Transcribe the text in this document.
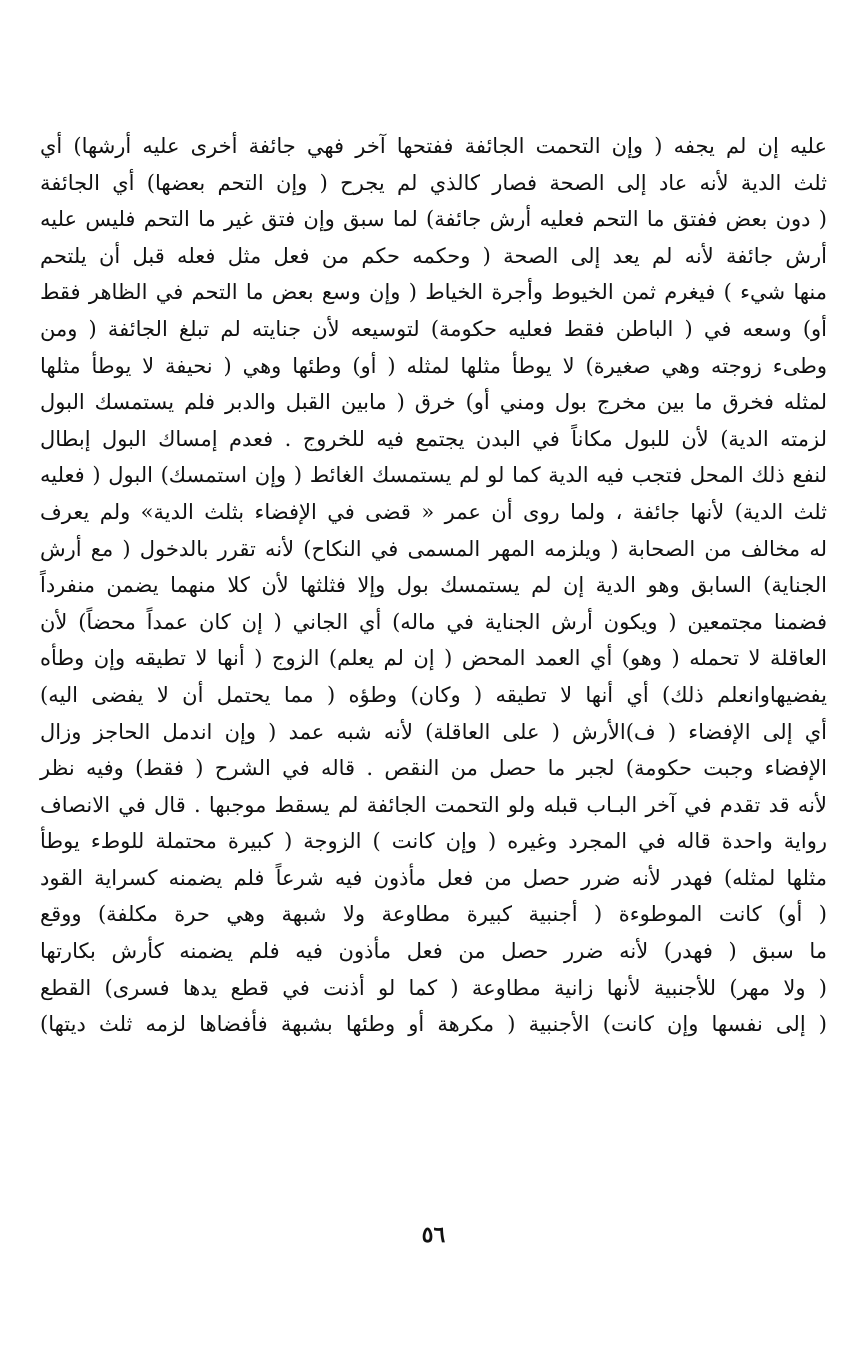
عليه إن لم يجفه ( وإن التحمت الجائفة ففتحها آخر فهي جائفة أخرى عليه أرشها) أي
ثلث الدية لأنه عاد إلى الصحة فصار كالذي لم يجرح ( وإن التحم بعضها) أي الجائفة
( دون بعض ففتق ما التحم فعليه أرش جائفة) لما سبق وإن فتق غير ما التحم فليس عليه
أرش جائفة لأنه لم يعد إلى الصحة ( وحكمه حكم من فعل مثل فعله قبل أن يلتحم
منها شيء ) فيغرم ثمن الخيوط وأجرة الخياط ( وإن وسع بعض ما التحم في الظاهر فقط
أو) وسعه في ( الباطن فقط فعليه حكومة) لتوسيعه لأن جنايته لم تبلغ الجائفة ( ومن
وطىء زوجته وهي صغيرة) لا يوطأ مثلها لمثله ( أو) وطئها وهي ( نحيفة لا يوطأ مثلها
لمثله فخرق ما بين مخرج بول ومني أو) خرق ( مابين القبل والدبر فلم يستمسك البول
لزمته الدية) لأن للبول مكاناً في البدن يجتمع فيه للخروج . فعدم إمساك البول إبطال
لنفع ذلك المحل فتجب فيه الدية كما لو لم يستمسك الغائط ( وإن استمسك) البول ( فعليه
ثلث الدية) لأنها جائفة ، ولما روى أن عمر « قضى في الإفضاء بثلث الدية» ولم يعرف
له مخالف من الصحابة ( ويلزمه المهر المسمى في النكاح) لأنه تقرر بالدخول ( مع أرش
الجناية) السابق وهو الدية إن لم يستمسك بول وإلا فثلثها لأن كلا منهما يضمن منفرداً
فضمنا مجتمعين ( ويكون أرش الجناية في ماله) أي الجاني ( إن كان عمداً محضاً) لأن
العاقلة لا تحمله ( وهو) أي العمد المحض ( إن لم يعلم) الزوج ( أنها لا تطيقه وإن وطأه
يفضيهاوانعلم ذلك) أي أنها لا تطيقه ( وكان) وطؤه ( مما يحتمل أن لا يفضى اليه)
أي إلى الإفضاء ( ف)الأرش ( على العاقلة) لأنه شبه عمد ( وإن اندمل الحاجز وزال
الإفضاء وجبت حكومة) لجبر ما حصل من النقص . قاله في الشرح ( فقط) وفيه نظر
لأنه قد تقدم في آخر البـاب قبله ولو التحمت الجائفة لم يسقط موجبها . قال في الانصاف
رواية واحدة قاله في المجرد وغيره ( وإن كانت ) الزوجة ( كبيرة محتملة للوطء يوطأ
مثلها لمثله) فهدر لأنه ضرر حصل من فعل مأذون فيه شرعاً فلم يضمنه كسراية القود
( أو) كانت الموطوءة ( أجنبية كبيرة مطاوعة ولا شبهة وهي حرة مكلفة) ووقع
ما سبق ( فهدر) لأنه ضرر حصل من فعل مأذون فيه فلم يضمنه كأرش بكارتها
( ولا مهر) للأجنبية لأنها زانية مطاوعة ( كما لو أذنت في قطع يدها فسرى) القطع
( إلى نفسها وإن كانت) الأجنبية ( مكرهة أو وطئها بشبهة فأفضاها لزمه ثلث ديتها)
٥٦
